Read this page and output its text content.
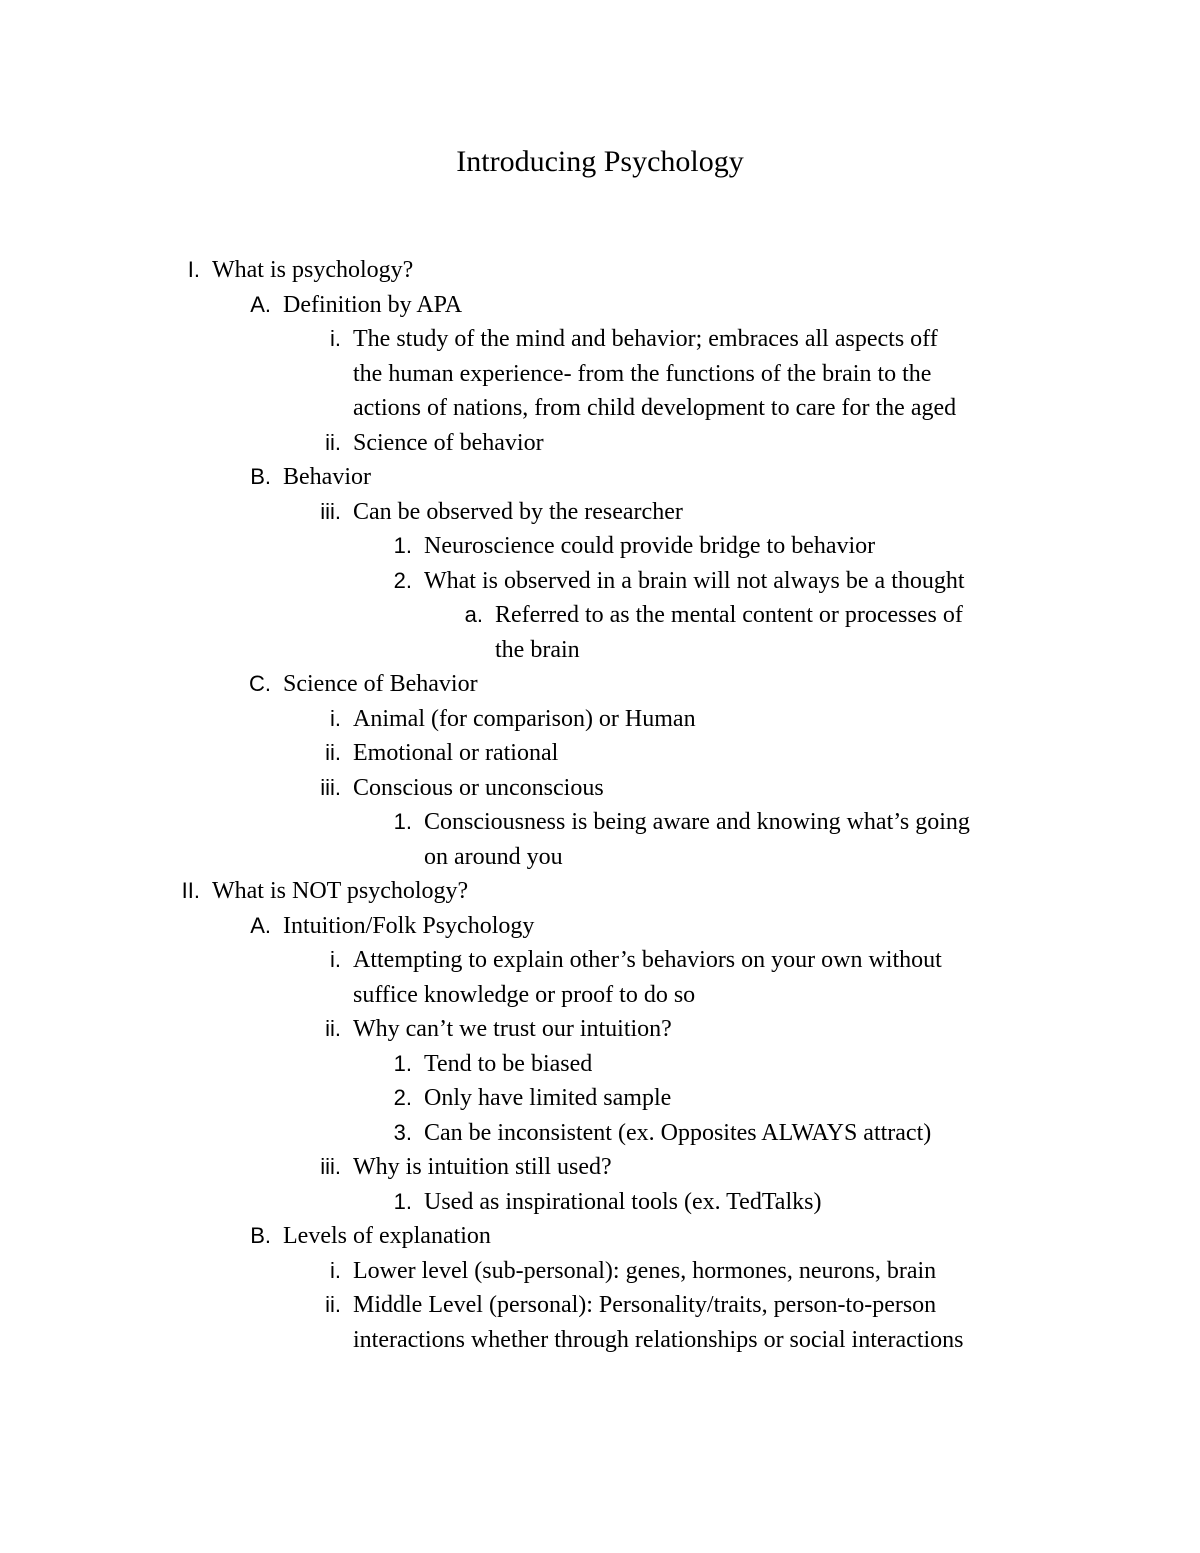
Introducing Psychology
I. What is psychology?
A. Definition by APA
i. The study of the mind and behavior; embraces all aspects off
the human experience- from the functions of the brain to the
actions of nations, from child development to care for the aged
ii. Science of behavior
B. Behavior
iii. Can be observed by the researcher
1. Neuroscience could provide bridge to behavior
2. What is observed in a brain will not always be a thought
a. Referred to as the mental content or processes of
the brain
C. Science of Behavior
i. Animal (for comparison) or Human
ii. Emotional or rational
iii. Conscious or unconscious
1. Consciousness is being aware and knowing what’s going
on around you
II. What is NOT psychology?
A. Intuition/Folk Psychology
i. Attempting to explain other’s behaviors on your own without
suffice knowledge or proof to do so
ii. Why can’t we trust our intuition?
1. Tend to be biased
2. Only have limited sample
3. Can be inconsistent (ex. Opposites ALWAYS attract)
iii. Why is intuition still used?
1. Used as inspirational tools (ex. TedTalks)
B. Levels of explanation
i. Lower level (sub-personal): genes, hormones, neurons, brain
ii. Middle Level (personal): Personality/traits, person-to-person
interactions whether through relationships or social interactions
